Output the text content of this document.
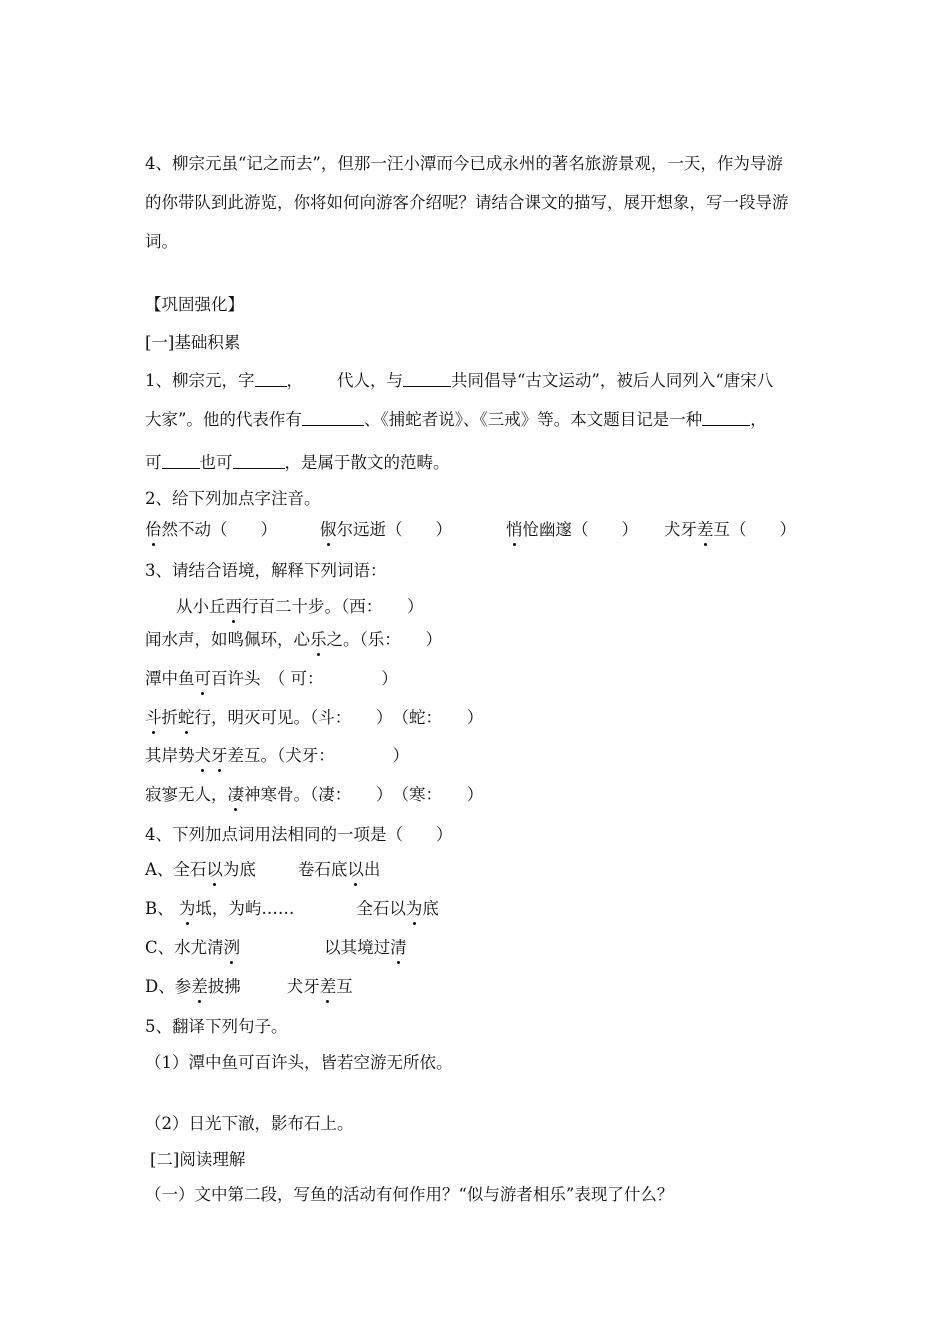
4、柳宗元虽“记之而去”，但那一汪小潭而今已成永州的著名旅游景观，一天，作为导游
的你带队到此游览，你将如何向游客介绍呢？请结合课文的描写，展开想象，写一段导游
词。
【巩固强化】
[一]基础积累
1、柳宗元，字 ， 代人，与	共同倡导“古文运动”，被后人同列入“唐宋八
大家”。他的代表作有	、《捕蛇者说》、《三戒》等。本文题目记是一种	，
可 也可	，是属于散文的范畴。
2、给下列加点字注音。
佁然不动（　　）	俶尔远逝（　　）	悄怆幽邃（　　） 犬牙差互（　　）
3、请结合语境，解释下列词语：
从小丘西行百二十步。（西：　　）
闻水声，如鸣佩环，心乐之。（乐：　　）
潭中鱼可百许头　（ 可：　　　　）
斗折蛇行，明灭可见。（斗：　　）　（蛇：　　）
其岸势犬牙差互。（犬牙：　　　　）
寂寥无人，凄神寒骨。（凄：　　）　（寒：　　）
4、下列加点词用法相同的一项是（　　）
A、全石以为底	卷石底以出
B、 为坻，为屿……	全石以为底
C、水尤清洌	以其境过清
D、参差披拂	犬牙差互
5、翻译下列句子。
（1）潭中鱼可百许头，皆若空游无所依。
（2）日光下澈，影布石上。
[二]阅读理解
（一）文中第二段，写鱼的活动有何作用？“似与游者相乐”表现了什么？
